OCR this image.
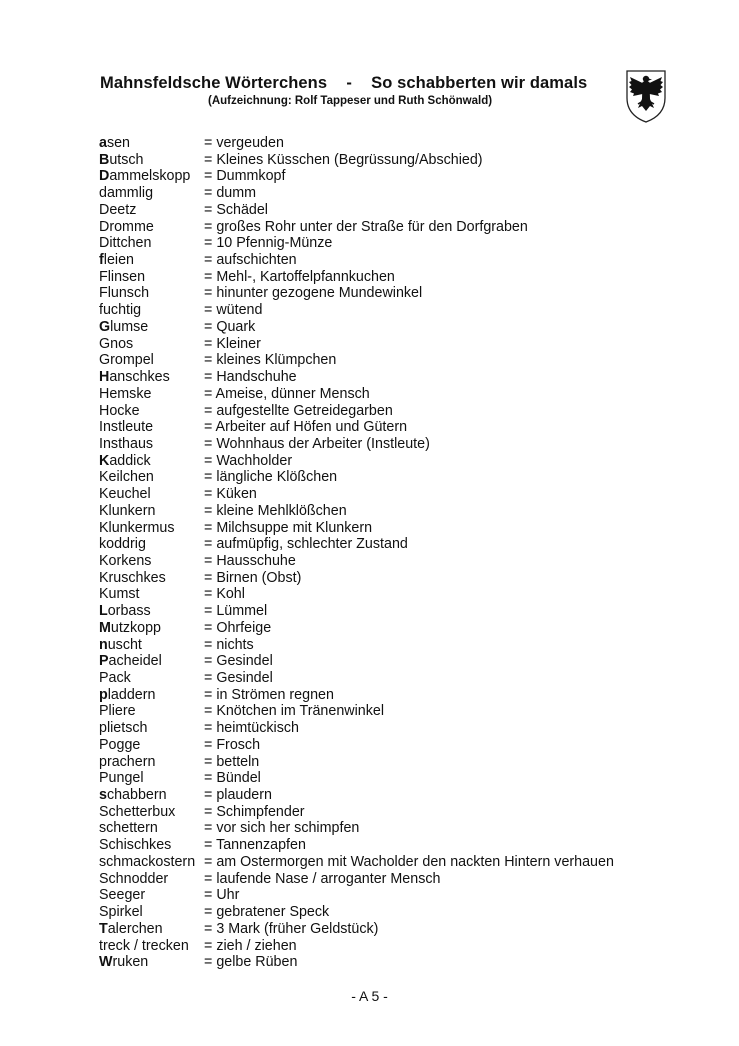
Mahnsfeldsche Wörterchens - So schabberten wir damals
(Aufzeichnung: Rolf Tappeser und Ruth Schönwald)
asen	= vergeuden
Butsch	= Kleines Küsschen (Begrüssung/Abschied)
Dammelskopp = Dummkopf
dammlig	= dumm
Deetz	= Schädel
Dromme	= großes Rohr unter der Straße für den Dorfgraben
Dittchen	= 10 Pfennig-Münze
fleien	= aufschichten
Flinsen	= Mehl-, Kartoffelpfannkuchen
Flunsch	= hinunter gezogene Mundewinkel
fuchtig	= wütend
Glumse	= Quark
Gnos	= Kleiner
Grompel	= kleines Klümpchen
Hanschkes = Handschuhe
Hemske	= Ameise, dünner Mensch
Hocke	= aufgestellte Getreidegarben
Instleute	= Arbeiter auf Höfen und Gütern
Insthaus	= Wohnhaus der Arbeiter (Instleute)
Kaddick	= Wachholder
Keilchen	= längliche Klößchen
Keuchel	= Küken
Klunkern	= kleine Mehlklößchen
Klunkermus = Milchsuppe mit Klunkern
koddrig	= aufmüpfig, schlechter Zustand
Korkens	= Hausschuhe
Kruschkes	= Birnen (Obst)
Kumst	= Kohl
Lorbass	= Lümmel
Mutzkopp	= Ohrfeige
nuscht	= nichts
Pacheidel	= Gesindel
Pack	= Gesindel
pladdern	= in Strömen regnen
Pliere	= Knötchen im Tränenwinkel
plietsch	= heimtückisch
Pogge	= Frosch
prachern	= betteln
Pungel	= Bündel
schabbern	= plaudern
Schetterbux = Schimpfender
schettern	= vor sich her schimpfen
Schischkes = Tannenzapfen
schmackostern = am Ostermorgen mit Wacholder den nackten Hintern verhauen
Schnodder	= laufende Nase / arroganter Mensch
Seeger	= Uhr
Spirkel	= gebratener Speck
Talerchen	= 3 Mark (früher Geldstück)
treck / trecken = zieh / ziehen
Wruken	= gelbe Rüben
- A 5 -
